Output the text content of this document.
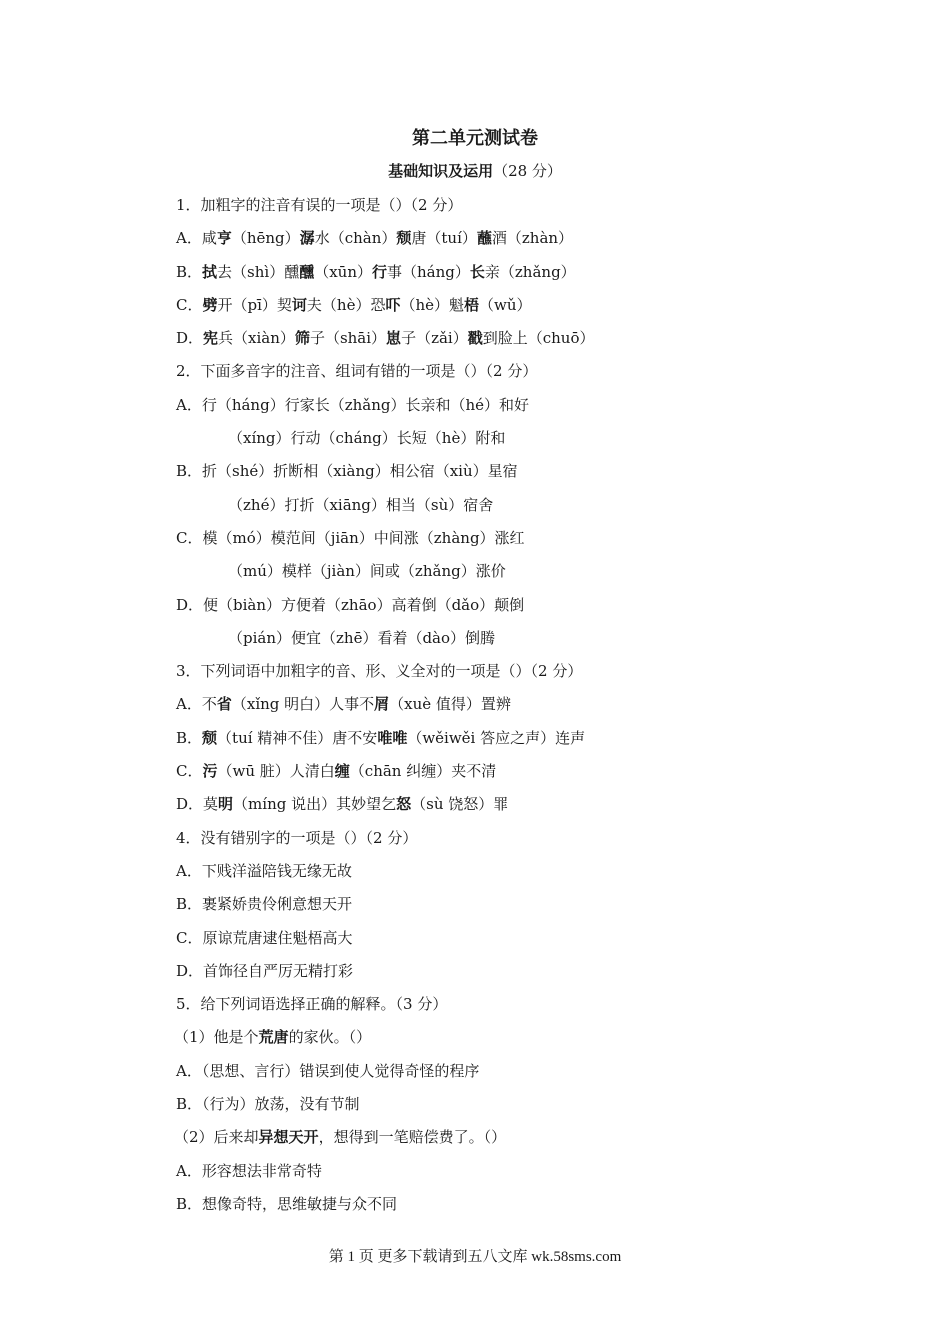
第二单元测试卷
基础知识及运用（28 分）
1．加粗字的注音有误的一项是（）（2 分）
A．咸亨（hēng）潺水（chàn）颓唐（tuí）蘸酒（zhàn）
B．拭去（shì）醺醺（xūn）行事（háng）长亲（zhǎng）
C．劈开（pī）契诃夫（hè）恐吓（hè）魁梧（wǔ）
D．宪兵（xiàn）筛子（shāi）崽子（zǎi）戳到脸上（chuō）
2．下面多音字的注音、组词有错的一项是（）（2 分）
A．行（háng）行家长（zhǎng）长亲和（hé）和好
（xíng）行动（cháng）长短（hè）附和
B．折（shé）折断相（xiàng）相公宿（xiù）星宿
（zhé）打折（xiāng）相当（sù）宿舍
C．模（mó）模范间（jiān）中间涨（zhàng）涨红
（mú）模样（jiàn）间或（zhǎng）涨价
D．便（biàn）方便着（zhāo）高着倒（dǎo）颠倒
（pián）便宜（zhē）看着（dào）倒腾
3．下列词语中加粗字的音、形、义全对的一项是（）（2 分）
A．不省（xǐng 明白）人事不屑（xuè 值得）置辨
B．颓（tuí 精神不佳）唐不安唯唯（wěiwěi 答应之声）连声
C．污（wū 脏）人清白缠（chān 纠缠）夹不清
D．莫明（míng 说出）其妙望乞怒（sù 饶怒）罪
4．没有错别字的一项是（）（2 分）
A．下贱洋溢陪钱无缘无故
B．裹紧娇贵伶俐意想天开
C．原谅荒唐逮住魁梧高大
D．首饰径自严厉无精打彩
5．给下列词语选择正确的解释。（3 分）
（1）他是个荒唐的家伙。（）
A．（思想、言行）错误到使人觉得奇怪的程序
B．（行为）放荡，没有节制
（2）后来却异想天开，想得到一笔赔偿费了。（）
A．形容想法非常奇特
B．想像奇特，思维敏捷与众不同
第 1 页 更多下载请到五八文库 wk.58sms.com
